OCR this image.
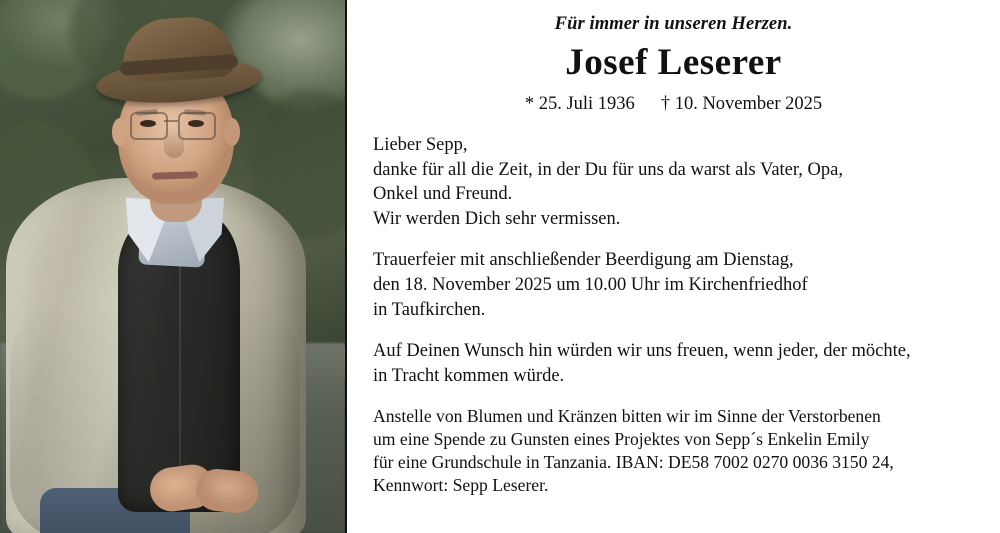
Für immer in unseren Herzen.
Josef Leserer
* 25. Juli 1936 † 10. November 2025
Lieber Sepp,
danke für all die Zeit, in der Du für uns da warst als Vater, Opa,
Onkel und Freund.
Wir werden Dich sehr vermissen.
Trauerfeier mit anschließender Beerdigung am Dienstag,
den 18. November 2025 um 10.00 Uhr im Kirchenfriedhof
in Taufkirchen.
Auf Deinen Wunsch hin würden wir uns freuen, wenn jeder, der möchte,
in Tracht kommen würde.
Anstelle von Blumen und Kränzen bitten wir im Sinne der Verstorbenen
um eine Spende zu Gunsten eines Projektes von Sepp´s Enkelin Emily
für eine Grundschule in Tanzania. IBAN: DE58 7002 0270 0036 3150 24,
Kennwort: Sepp Leserer.
